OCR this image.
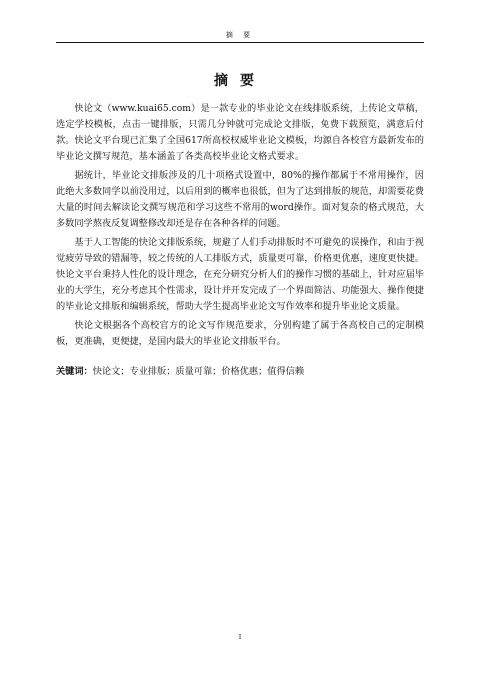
摘 要
摘要

快论文（www.kuai65.com）是一款专业的毕业论文在线排版系统，上传论文草稿，选定学校模板，点击一键排版，只需几分钟就可完成论文排版，免费下载预览，满意后付款。快论文平台现已汇集了全国617所高校权威毕业论文模板，均源自各校官方最新发布的毕业论文撰写规范，基本涵盖了各类高校毕业论文格式要求。

据统计，毕业论文排版涉及的几十项格式设置中，80%的操作都属于不常用操作，因此绝大多数同学以前没用过，以后用到的概率也很低，但为了达到排版的规范，却需要花费大量的时间去解读论文撰写规范和学习这些不常用的word操作。面对复杂的格式规范，大多数同学熬夜反复调整修改却还是存在各种各样的问题。

基于人工智能的快论文排版系统，规避了人们手动排版时不可避免的误操作，和由于视觉疲劳导致的错漏等，较之传统的人工排版方式，质量更可靠，价格更优惠，速度更快捷。快论文平台秉持人性化的设计理念，在充分研究分析人们的操作习惯的基础上，针对应届毕业的大学生，充分考虑其个性需求，设计并开发完成了一个界面简洁、功能强大、操作便捷的毕业论文排版和编辑系统，帮助大学生提高毕业论文写作效率和提升毕业论文质量。

快论文根据各个高校官方的论文写作规范要求，分别构建了属于各高校自己的定制模板，更准确，更便捷，是国内最大的毕业论文排版平台。

关键词：快论文；专业排版；质量可靠；价格优惠；值得信赖
I
